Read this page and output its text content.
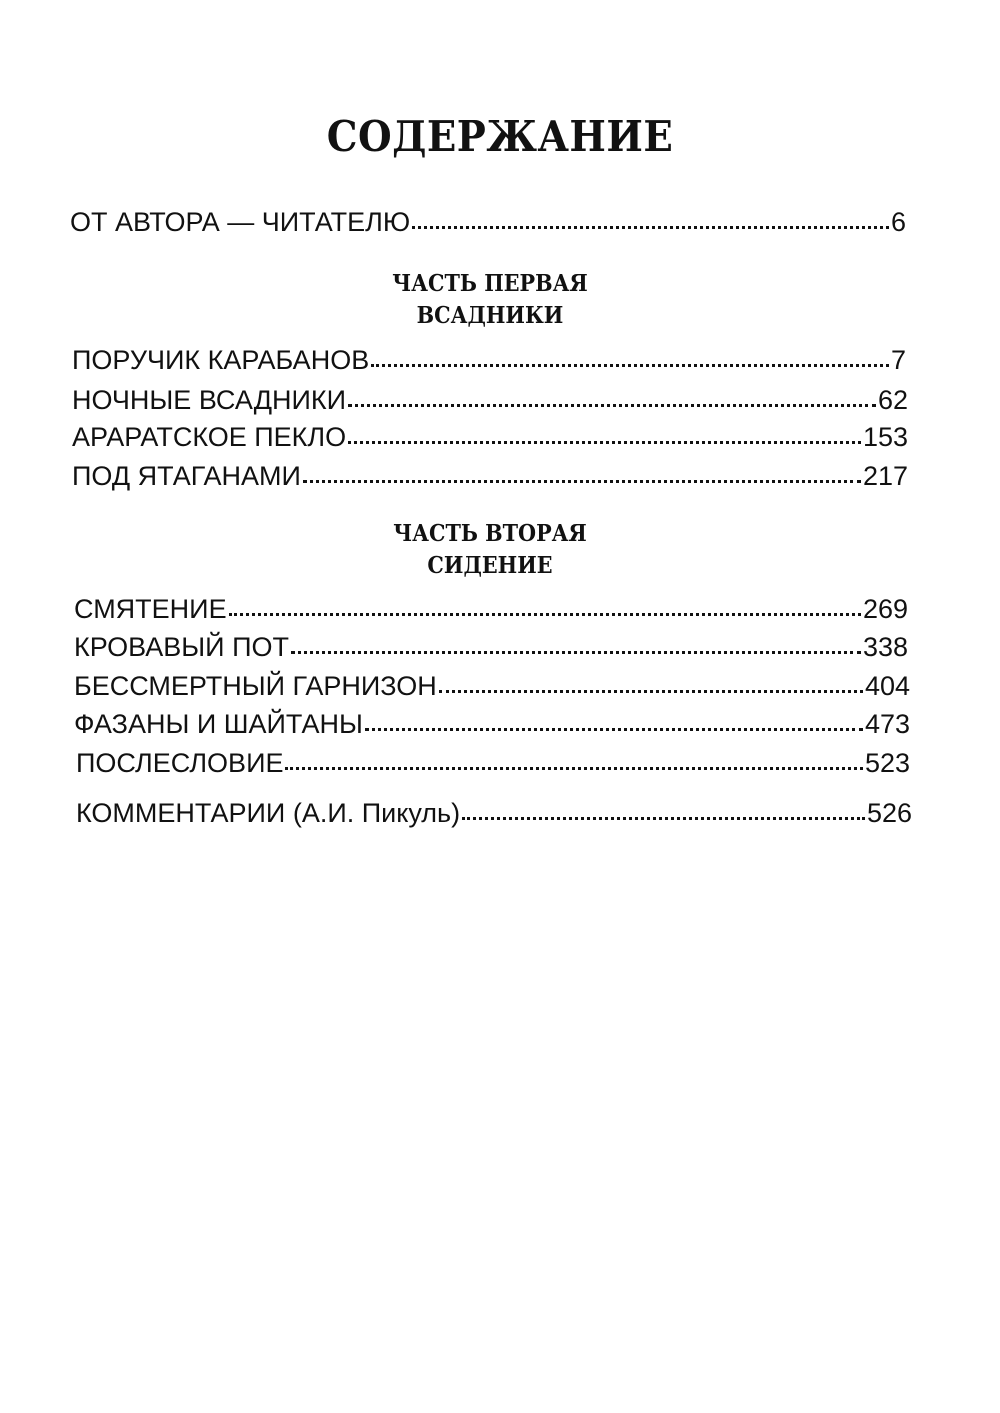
СОДЕРЖАНИЕ
ОТ АВТОРА — ЧИТАТЕЛЮ	6
ЧАСТЬ ПЕРВАЯ
ВСАДНИКИ
ПОРУЧИК КАРАБАНОВ	7
НОЧНЫЕ ВСАДНИКИ	62
АРАРАТСКОЕ ПЕКЛО	153
ПОД ЯТАГАНАМИ	217
ЧАСТЬ ВТОРАЯ
СИДЕНИЕ
СМЯТЕНИЕ	269
КРОВАВЫЙ ПОТ	338
БЕССМЕРТНЫЙ ГАРНИЗОН	404
ФАЗАНЫ И ШАЙТАНЫ	473
ПОСЛЕСЛОВИЕ	523
КОММЕНТАРИИ (А.И. Пикуль)	526
